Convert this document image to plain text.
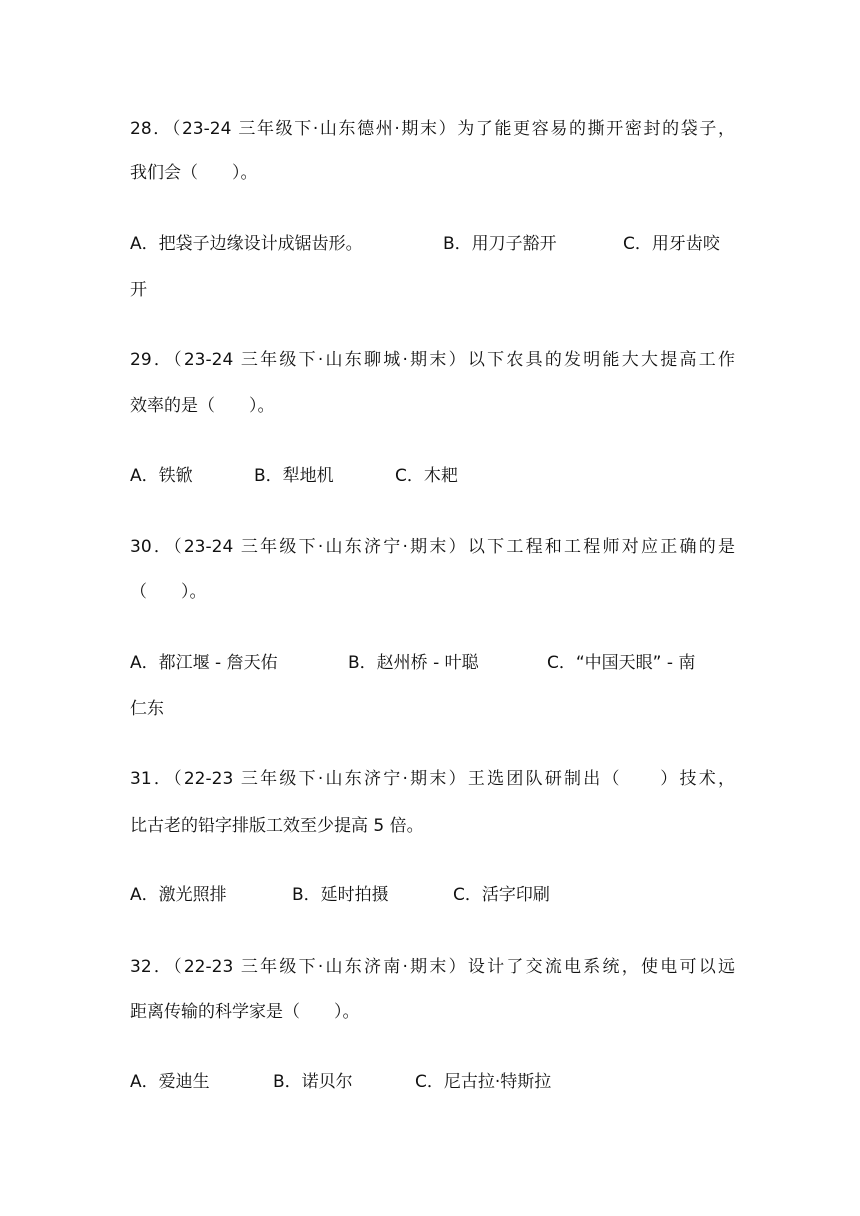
28．（23-24 三年级下·山东德州·期末）为了能更容易的撕开密封的袋子，
我们会（　　）。
A．把袋子边缘设计成锯齿形。	B．用刀子豁开	C．用牙齿咬
开
29．（23-24 三年级下·山东聊城·期末）以下农具的发明能大大提高工作
效率的是（　　）。
A．铁锨	B．犁地机	C．木耙
30．（23-24 三年级下·山东济宁·期末）以下工程和工程师对应正确的是
（　　）。
A．都江堰 - 詹天佑	B．赵州桥 - 叶聪	C．“中国天眼” - 南
仁东
31．（22-23 三年级下·山东济宁·期末）王选团队研制出（　　）技术，
比古老的铅字排版工效至少提高 5 倍。
A．激光照排	B．延时拍摄	C．活字印刷
32．（22-23 三年级下·山东济南·期末）设计了交流电系统，使电可以远
距离传输的科学家是（　　）。
A．爱迪生	B．诺贝尔	C．尼古拉·特斯拉
